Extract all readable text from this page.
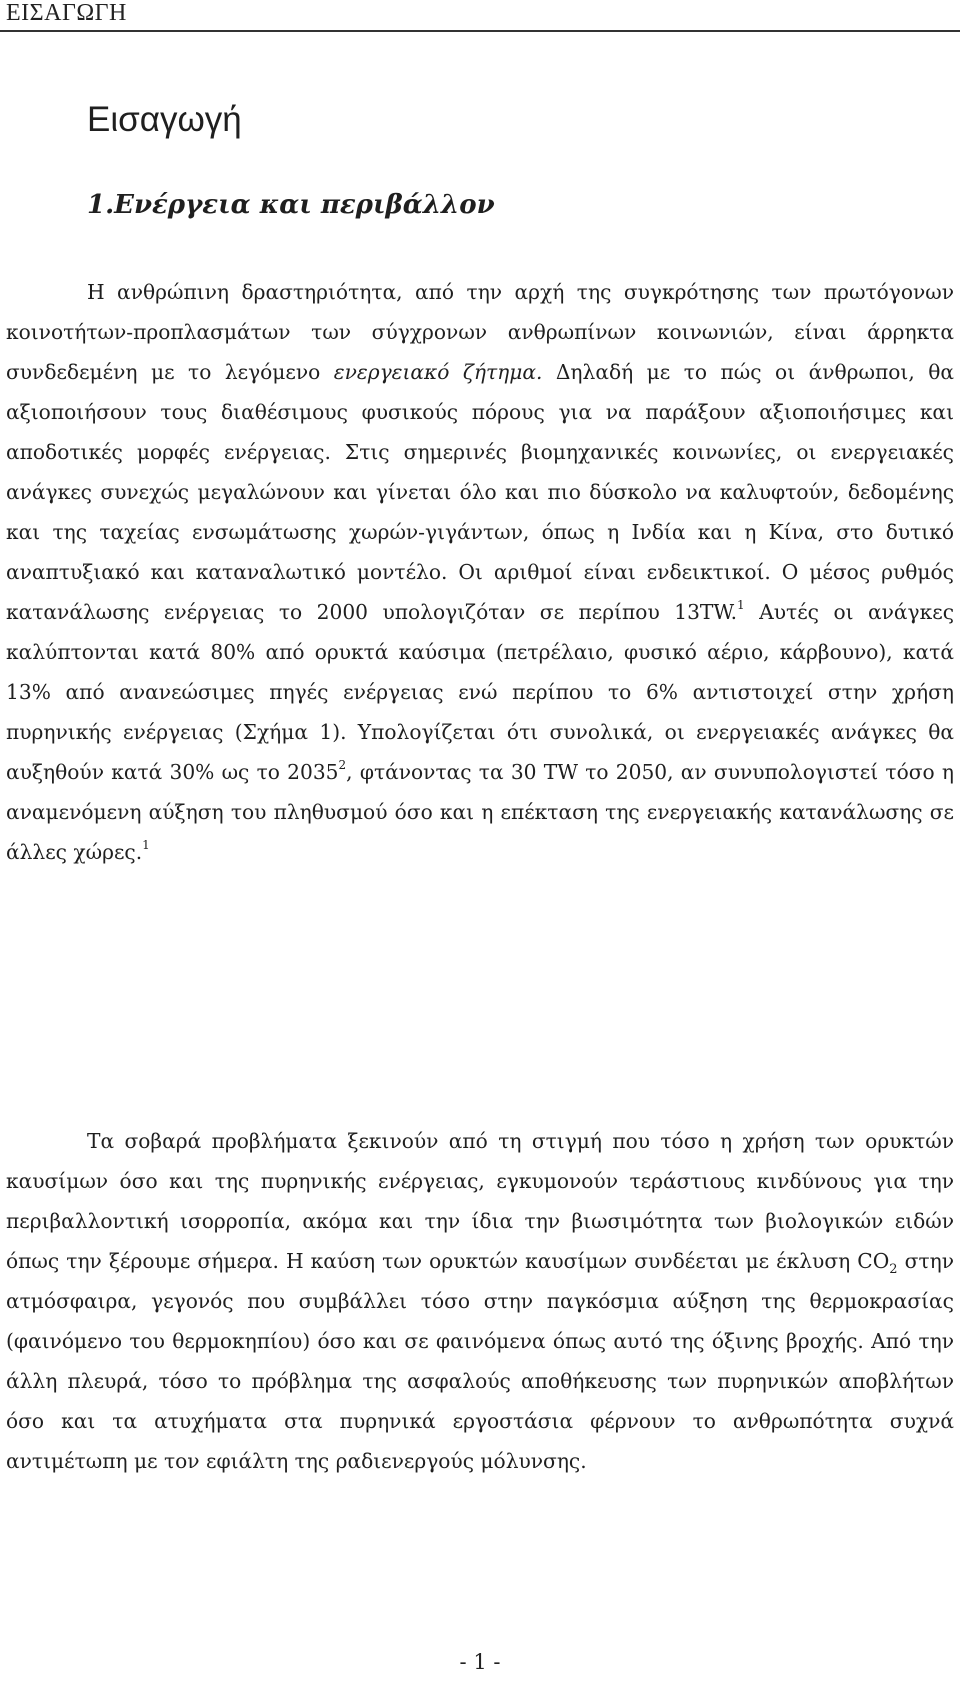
ΕΙΣΑΓΩΓΗ
Εισαγωγή
1.Ενέργεια και περιβάλλον

Η ανθρώπινη δραστηριότητα, από την αρχή της συγκρότησης των πρωτόγονων κοινοτήτων-προπλασμάτων των σύγχρονων ανθρωπίνων κοινωνιών, είναι άρρηκτα συνδεδεμένη με το λεγόμενο ενεργειακό ζήτημα. Δηλαδή με το πώς οι άνθρωποι, θα αξιοποιήσουν τους διαθέσιμους φυσικούς πόρους για να παράξουν αξιοποιήσιμες και αποδοτικές μορφές ενέργειας. Στις σημερινές βιομηχανικές κοινωνίες, οι ενεργειακές ανάγκες συνεχώς μεγαλώνουν και γίνεται όλο και πιο δύσκολο να καλυφτούν, δεδομένης και της ταχείας ενσωμάτωσης χωρών-γιγάντων, όπως η Ινδία και η Κίνα, στο δυτικό αναπτυξιακό και καταναλωτικό μοντέλο. Οι αριθμοί είναι ενδεικτικοί. Ο μέσος ρυθμός κατανάλωσης ενέργειας το 2000 υπολογιζόταν σε περίπου 13TW.$^1$ Αυτές οι ανάγκες καλύπτονται κατά 80% από ορυκτά καύσιμα (πετρέλαιο, φυσικό αέριο, κάρβουνο), κατά 13% από ανανεώσιμες πηγές ενέργειας ενώ περίπου το 6% αντιστοιχεί στην χρήση πυρηνικής ενέργειας (Σχήμα 1). Υπολογίζεται ότι συνολικά, οι ενεργειακές ανάγκες θα αυξηθούν κατά 30% ως το 2035$^2$, φτάνοντας τα 30 TW το 2050, αν συνυπολογιστεί τόσο η αναμενόμενη αύξηση του πληθυσμού όσο και η επέκταση της ενεργειακής κατανάλωσης σε άλλες χώρες.$^1$

Τα σοβαρά προβλήματα ξεκινούν από τη στιγμή που τόσο η χρήση των ορυκτών καυσίμων όσο και της πυρηνικής ενέργειας, εγκυμονούν τεράστιους κινδύνους για την περιβαλλοντική ισορροπία, ακόμα και την ίδια την βιωσιμότητα των βιολογικών ειδών όπως την ξέρουμε σήμερα. Η καύση των ορυκτών καυσίμων συνδέεται με έκλυση $CO_2$ στην ατμόσφαιρα, γεγονός που συμβάλλει τόσο στην παγκόσμια αύξηση της θερμοκρασίας (φαινόμενο του θερμοκηπίου) όσο και σε φαινόμενα όπως αυτό της όξινης βροχής. Από την άλλη πλευρά, τόσο το πρόβλημα της ασφαλούς αποθήκευσης των πυρηνικών αποβλήτων όσο και τα ατυχήματα στα πυρηνικά εργοστάσια φέρνουν το ανθρωπότητα συχνά αντιμέτωπη με τον εφιάλτη της ραδιενεργούς μόλυνσης.

- 1 -
